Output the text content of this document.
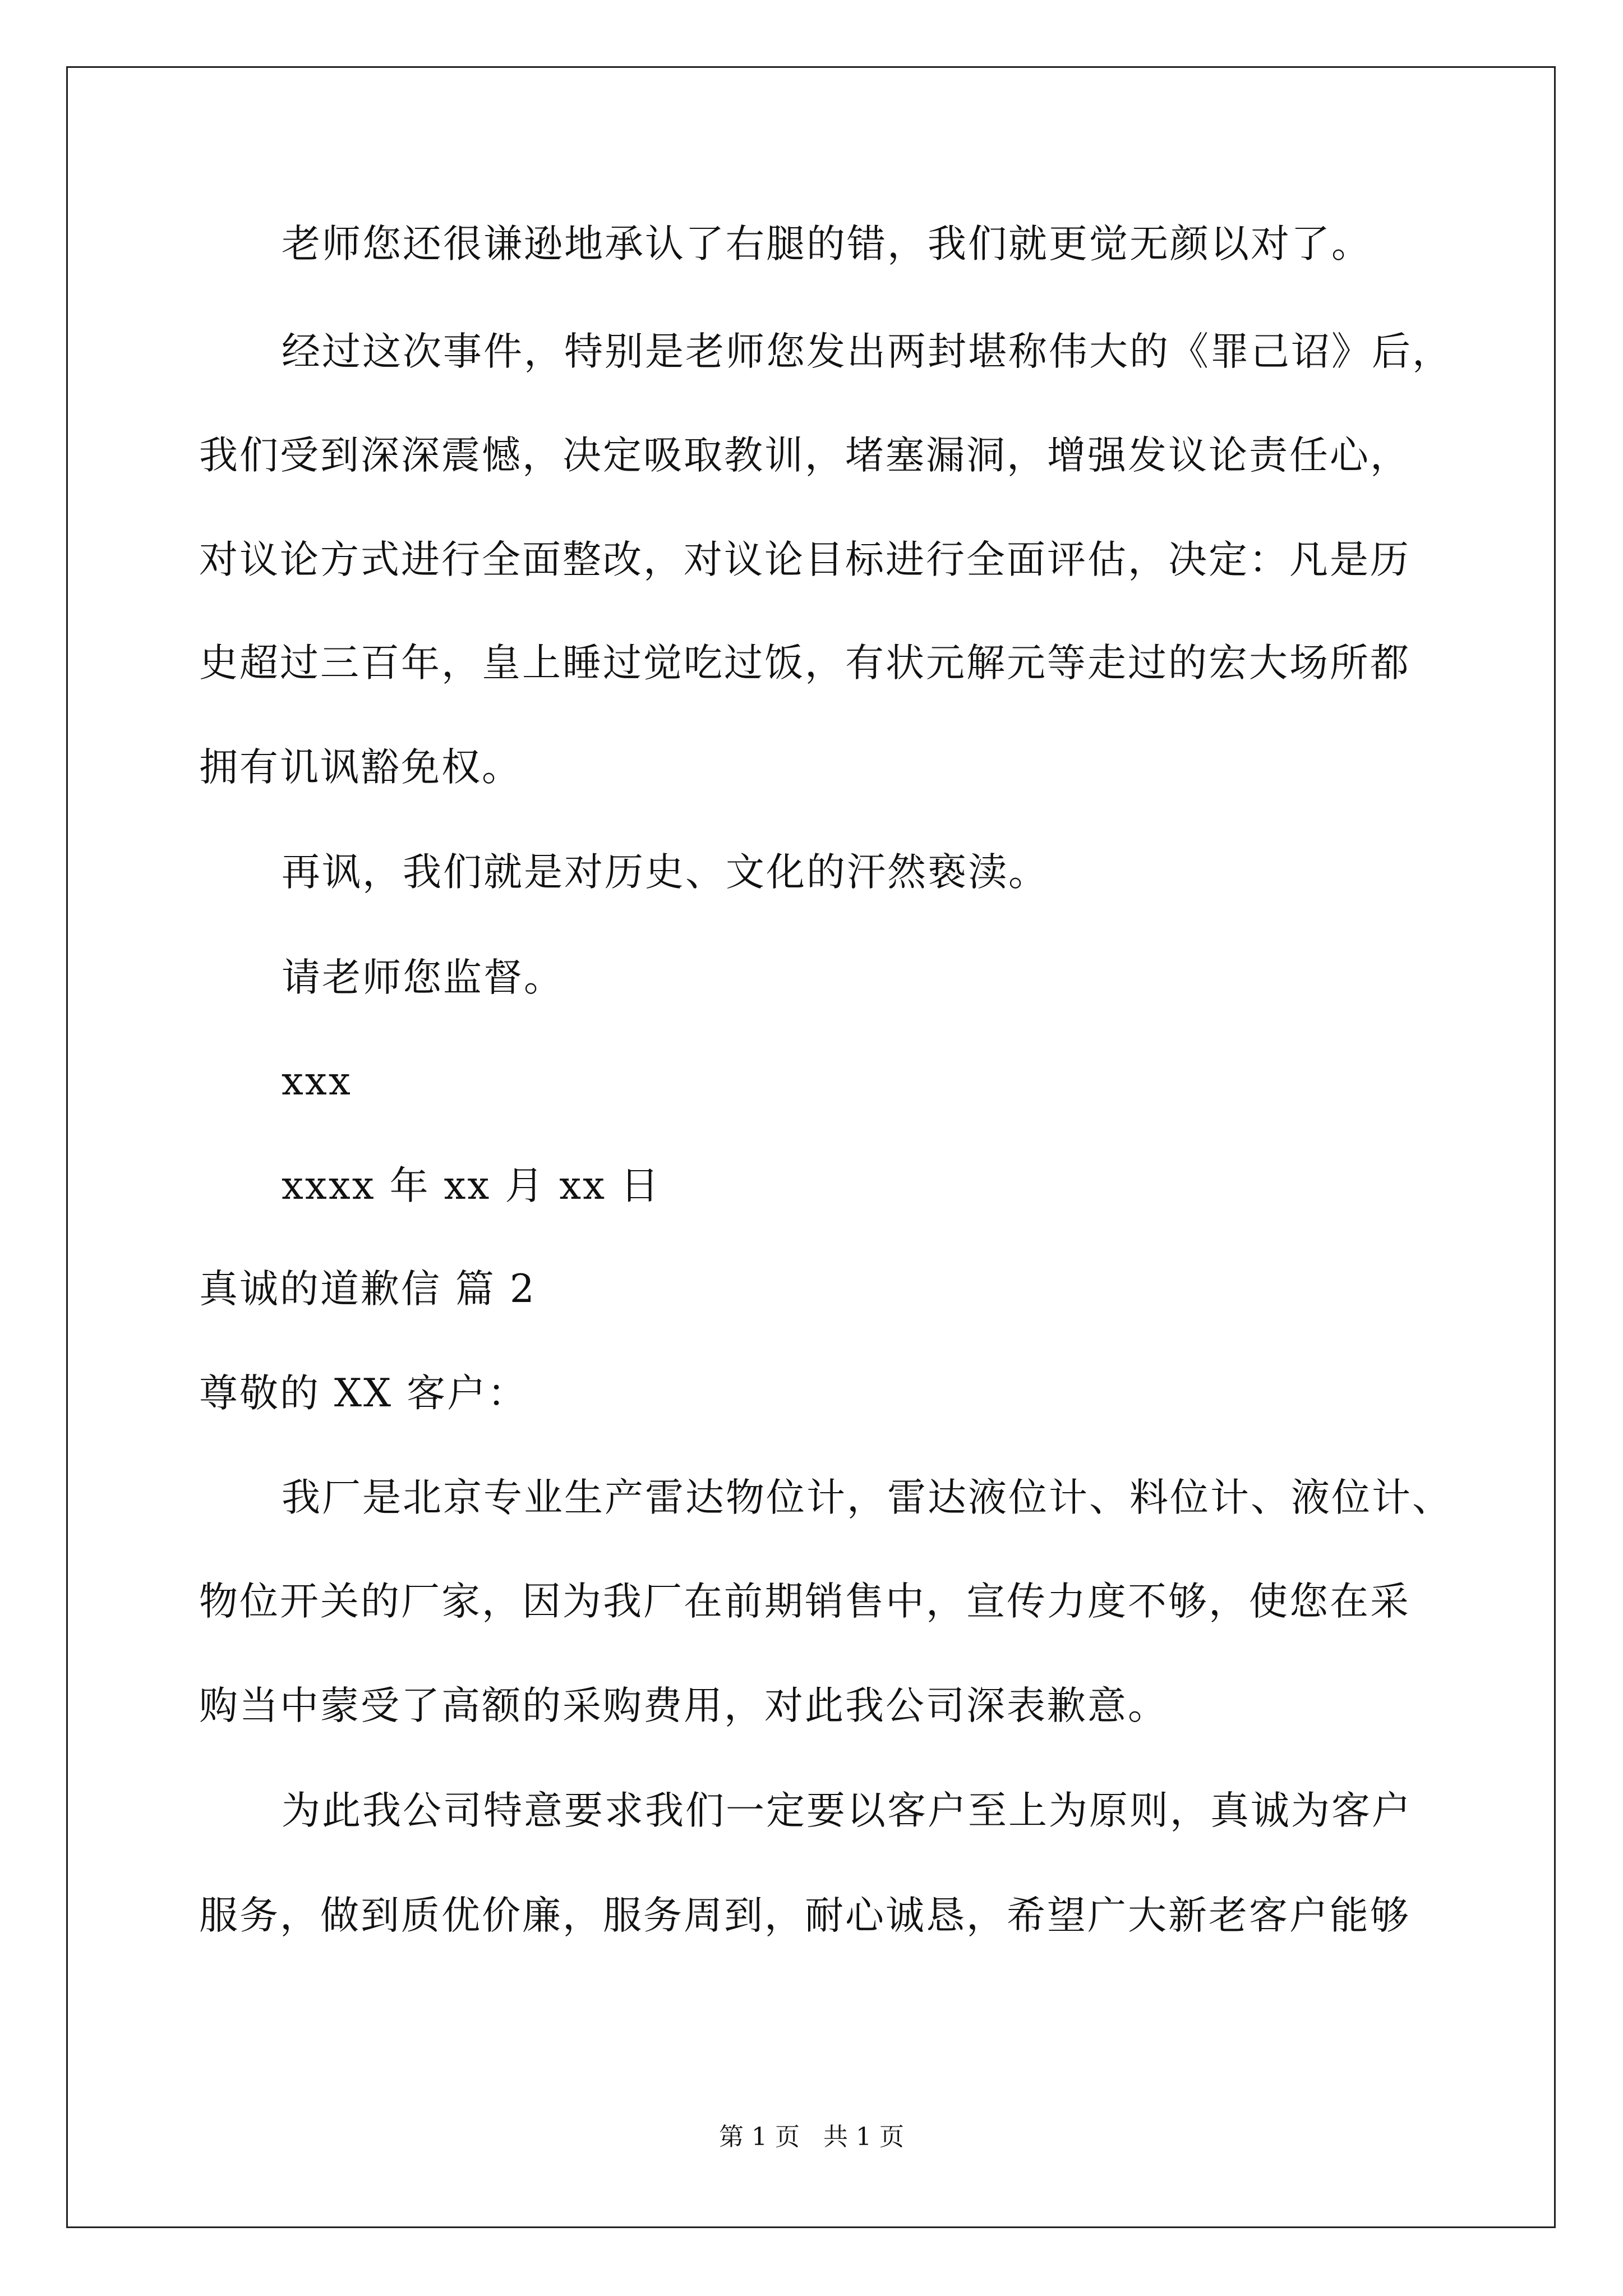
老师您还很谦逊地承认了右腿的错，我们就更觉无颜以对了。
经过这次事件，特别是老师您发出两封堪称伟大的《罪己诏》后，
我们受到深深震憾，决定吸取教训，堵塞漏洞，增强发议论责任心，
对议论方式进行全面整改，对议论目标进行全面评估，决定：凡是历
史超过三百年，皇上睡过觉吃过饭，有状元解元等走过的宏大场所都
拥有讥讽豁免权。
再讽，我们就是对历史、文化的汗然亵渎。
请老师您监督。
xxx
xxxx 年 xx 月 xx 日
真诚的道歉信 篇 2
尊敬的 XX 客户：
我厂是北京专业生产雷达物位计，雷达液位计、料位计、液位计、
物位开关的厂家，因为我厂在前期销售中，宣传力度不够，使您在采
购当中蒙受了高额的采购费用，对此我公司深表歉意。
为此我公司特意要求我们一定要以客户至上为原则，真诚为客户
服务，做到质优价廉，服务周到，耐心诚恳，希望广大新老客户能够
第 1 页   共 1 页
